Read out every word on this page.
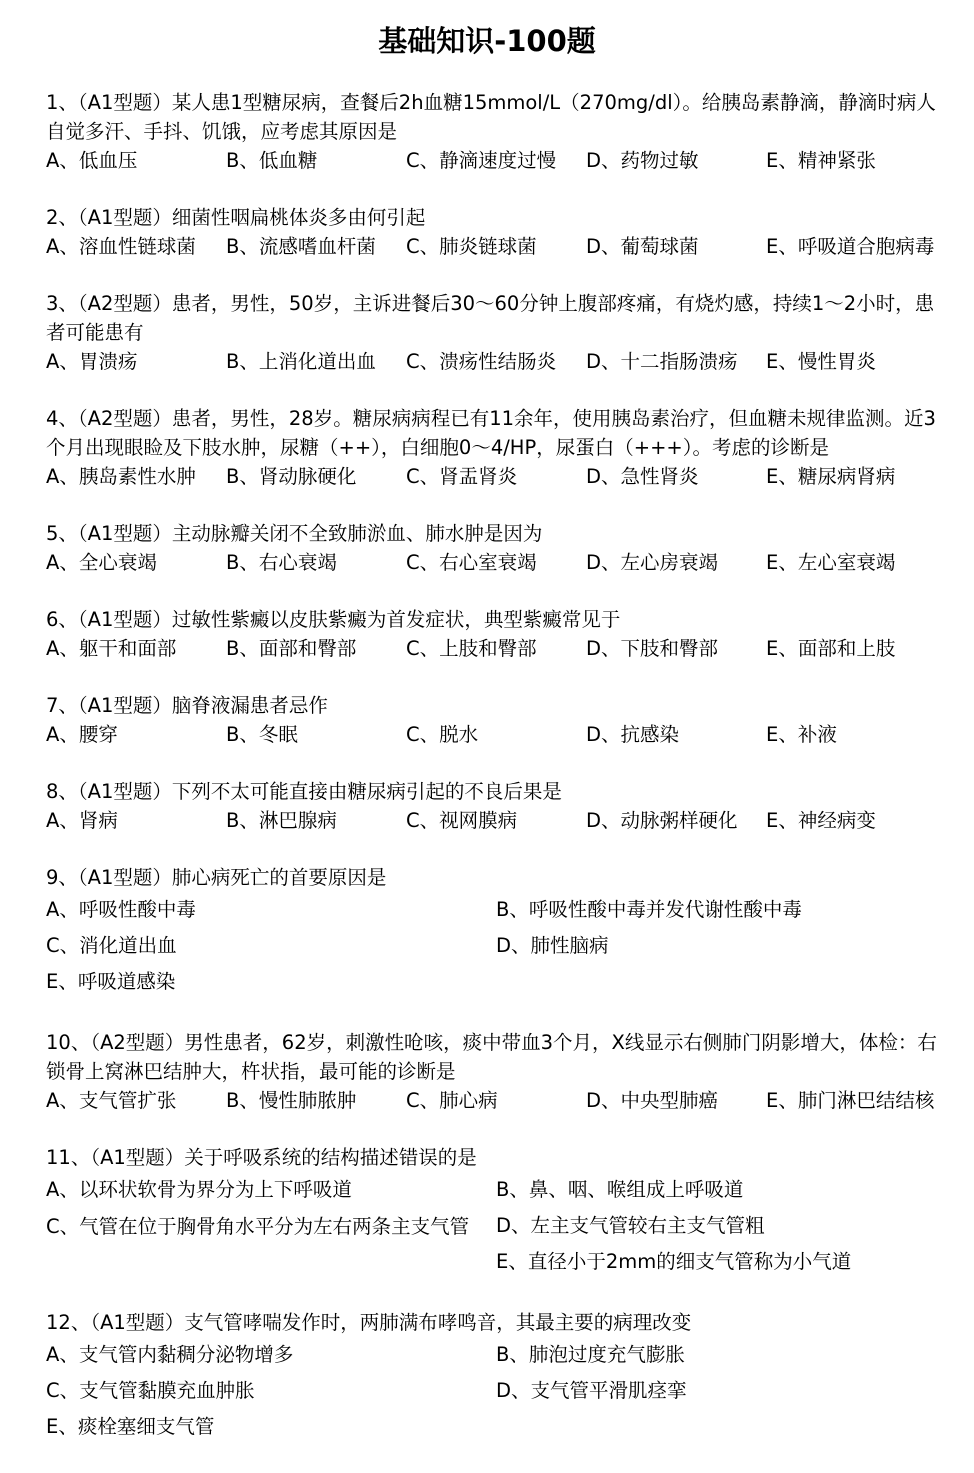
基础知识-100题
1、（A1型题）某人患1型糖尿病，查餐后2h血糖15mmol/L（270mg/dl）。给胰岛素静滴，静滴时病人自觉多汗、手抖、饥饿，应考虑其原因是
A、低血压	B、低血糖	C、静滴速度过慢	D、药物过敏	E、精神紧张
2、（A1型题）细菌性咽扁桃体炎多由何引起
A、溶血性链球菌	B、流感嗜血杆菌	C、肺炎链球菌	D、葡萄球菌	E、呼吸道合胞病毒
3、（A2型题）患者，男性，50岁，主诉进餐后30～60分钟上腹部疼痛，有烧灼感，持续1～2小时，患者可能患有
A、胃溃疡	B、上消化道出血	C、溃疡性结肠炎	D、十二指肠溃疡	E、慢性胃炎
4、（A2型题）患者，男性，28岁。糖尿病病程已有11余年，使用胰岛素治疗，但血糖未规律监测。近3个月出现眼睑及下肢水肿，尿糖（++），白细胞0～4/HP，尿蛋白（+++）。考虑的诊断是
A、胰岛素性水肿	B、肾动脉硬化	C、肾盂肾炎	D、急性肾炎	E、糖尿病肾病
5、（A1型题）主动脉瓣关闭不全致肺淤血、肺水肿是因为
A、全心衰竭	B、右心衰竭	C、右心室衰竭	D、左心房衰竭	E、左心室衰竭
6、（A1型题）过敏性紫癜以皮肤紫癜为首发症状，典型紫癜常见于
A、躯干和面部	B、面部和臀部	C、上肢和臀部	D、下肢和臀部	E、面部和上肢
7、（A1型题）脑脊液漏患者忌作
A、腰穿	B、冬眠	C、脱水	D、抗感染	E、补液
8、（A1型题）下列不太可能直接由糖尿病引起的不良后果是
A、肾病	B、淋巴腺病	C、视网膜病	D、动脉粥样硬化	E、神经病变
9、（A1型题）肺心病死亡的首要原因是
A、呼吸性酸中毒	B、呼吸性酸中毒并发代谢性酸中毒
C、消化道出血	D、肺性脑病
E、呼吸道感染
10、（A2型题）男性患者，62岁，刺激性呛咳，痰中带血3个月，X线显示右侧肺门阴影增大，体检：右锁骨上窝淋巴结肿大，杵状指，最可能的诊断是
A、支气管扩张	B、慢性肺脓肿	C、肺心病	D、中央型肺癌	E、肺门淋巴结结核
11、（A1型题）关于呼吸系统的结构描述错误的是
A、以环状软骨为界分为上下呼吸道	B、鼻、咽、喉组成上呼吸道
C、气管在位于胸骨角水平分为左右两条主支气管	D、左主支气管较右主支气管粗
E、直径小于2mm的细支气管称为小气道
12、（A1型题）支气管哮喘发作时，两肺满布哮鸣音，其最主要的病理改变
A、支气管内黏稠分泌物增多	B、肺泡过度充气膨胀
C、支气管黏膜充血肿胀	D、支气管平滑肌痉挛
E、痰栓塞细支气管
